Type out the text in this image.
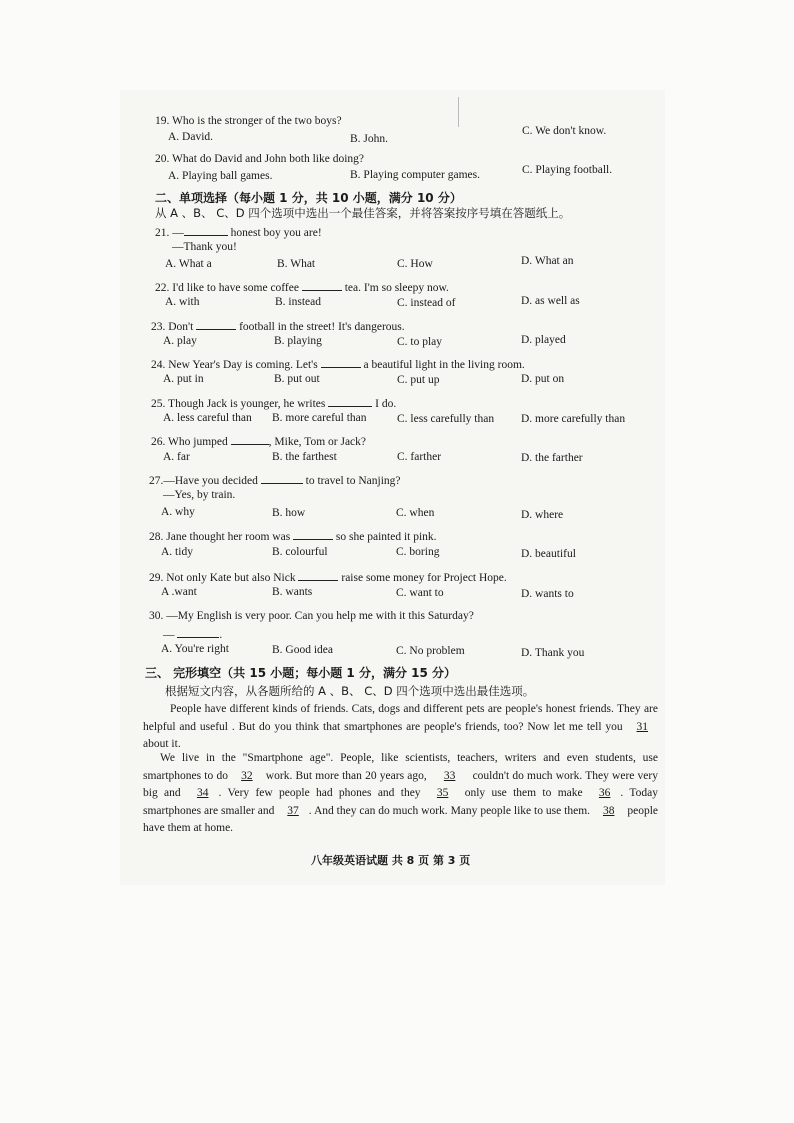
19. Who is the stronger of the two boys?
A. David.	B. John.
C. We don't know.
20. What do David and John both like doing?
A. Playing ball games.	B. Playing computer games.	C. Playing football.
二、单项选择（每小题 1 分，共 10 小题，满分 10 分）
从 A 、B、 C、D 四个选项中选出一个最佳答案，并将答案按序号填在答题纸上。
21. —	honest boy you are!
—Thank you!
A. What a	B. What	C. How	D. What an
22. I'd like to have some coffee	tea. I'm so sleepy now.
A. with	B. instead	C. instead of	D. as well as
23. Don't	football in the street! It's dangerous.
A. play	B. playing	C. to play	D. played
24. New Year's Day is coming. Let's	a beautiful light in the living room.
A. put in	B. put out	C. put up	D. put on
25. Though Jack is younger, he writes	I do.
A. less careful than B. more careful than	C. less carefully than D. more carefully than
26. Who jumped	, Mike, Tom or Jack?
A. far	B. the farthest	C. farther	D. the farther
27.—Have you decided	to travel to Nanjing?
—Yes, by train.
A. why	B. how	C. when	D. where
28. Jane thought her room was	so she painted it pink.
A. tidy	B. colourful	C. boring	D. beautiful
29. Not only Kate but also Nick	raise some money for Project Hope.
A .want	B. wants	C. want to	D. wants to
30. —My English is very poor. Can you help me with it this Saturday?
—	.
A. You're right	B. Good idea	C. No problem	D. Thank you
三、 完形填空（共 15 小题；每小题 1 分，满分 15 分）
根据短文内容，从各题所给的 A 、B、 C、D 四个选项中选出最佳选项。
People have different kinds of friends. Cats, dogs and different pets are people's honest friends. They are helpful and useful . But do you think that smartphones are people's friends, too? Now let me tell you 31 about it.
We live in the "Smartphone age". People, like scientists, teachers, writers and even students, use smartphones to do 32 work. But more than 20 years ago, 33 couldn't do much work. They were very big and 34 . Very few people had phones and they 35 only use them to make 36 . Today smartphones are smaller and 37 . And they can do much work. Many people like to use them. 38 people have them at home.
八年级英语试题 共 8 页 第 3 页
